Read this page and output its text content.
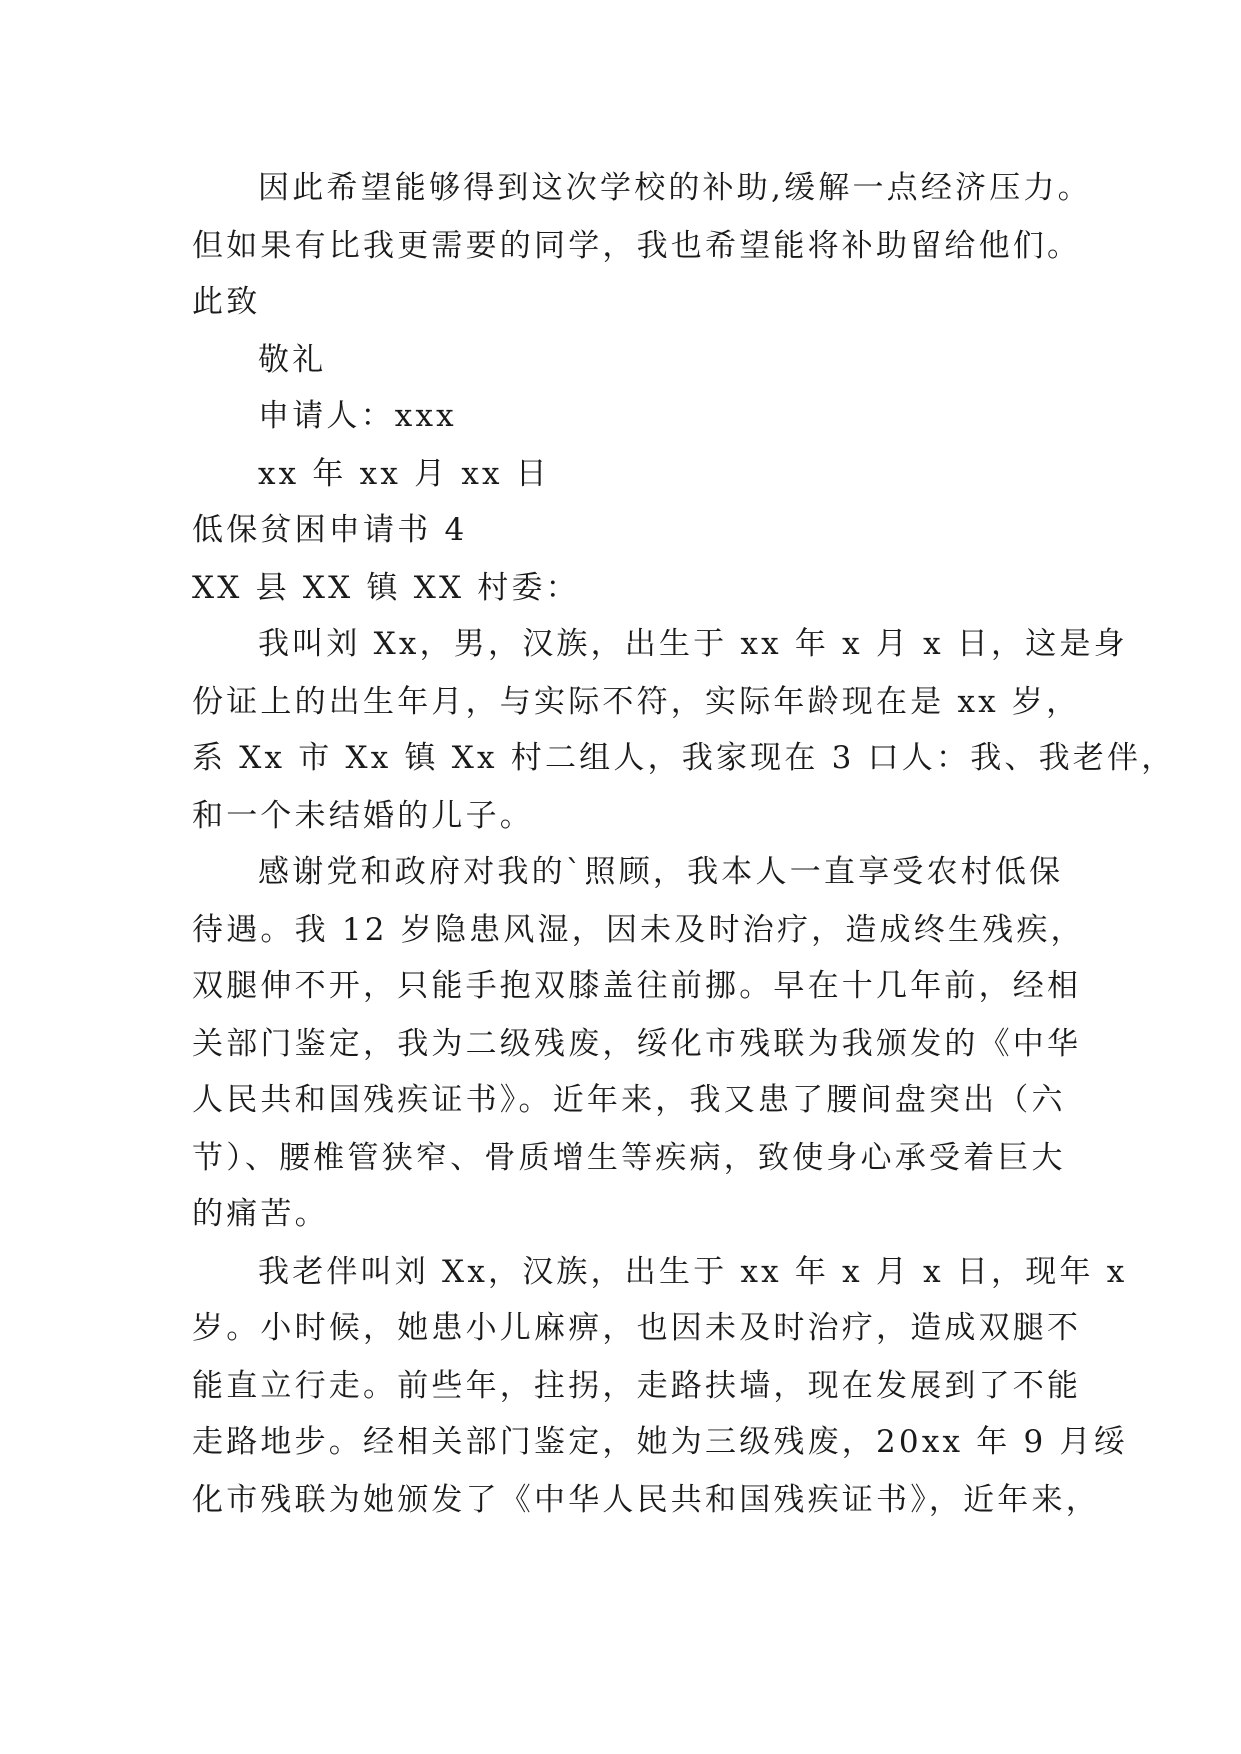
因此希望能够得到这次学校的补助,缓解一点经济压力。
但如果有比我更需要的同学，我也希望能将补助留给他们。
此致
敬礼
申请人：xxx
xx 年 xx 月 xx 日
低保贫困申请书 4
XX 县 XX 镇 XX 村委：
我叫刘 Xx，男，汉族，出生于 xx 年 x 月 x 日，这是身
份证上的出生年月，与实际不符，实际年龄现在是 xx 岁，
系 Xx 市 Xx 镇 Xx 村二组人，我家现在 3 口人：我、我老伴，
和一个未结婚的儿子。
感谢党和政府对我的`照顾，我本人一直享受农村低保
待遇。我 12 岁隐患风湿，因未及时治疗，造成终生残疾，
双腿伸不开，只能手抱双膝盖往前挪。早在十几年前，经相
关部门鉴定，我为二级残废，绥化市残联为我颁发的《中华
人民共和国残疾证书》。近年来，我又患了腰间盘突出（六
节）、腰椎管狭窄、骨质增生等疾病，致使身心承受着巨大
的痛苦。
我老伴叫刘 Xx，汉族，出生于 xx 年 x 月 x 日，现年 x
岁。小时候，她患小儿麻痹，也因未及时治疗，造成双腿不
能直立行走。前些年，拄拐，走路扶墙，现在发展到了不能
走路地步。经相关部门鉴定，她为三级残废，20xx 年 9 月绥
化市残联为她颁发了《中华人民共和国残疾证书》，近年来，
